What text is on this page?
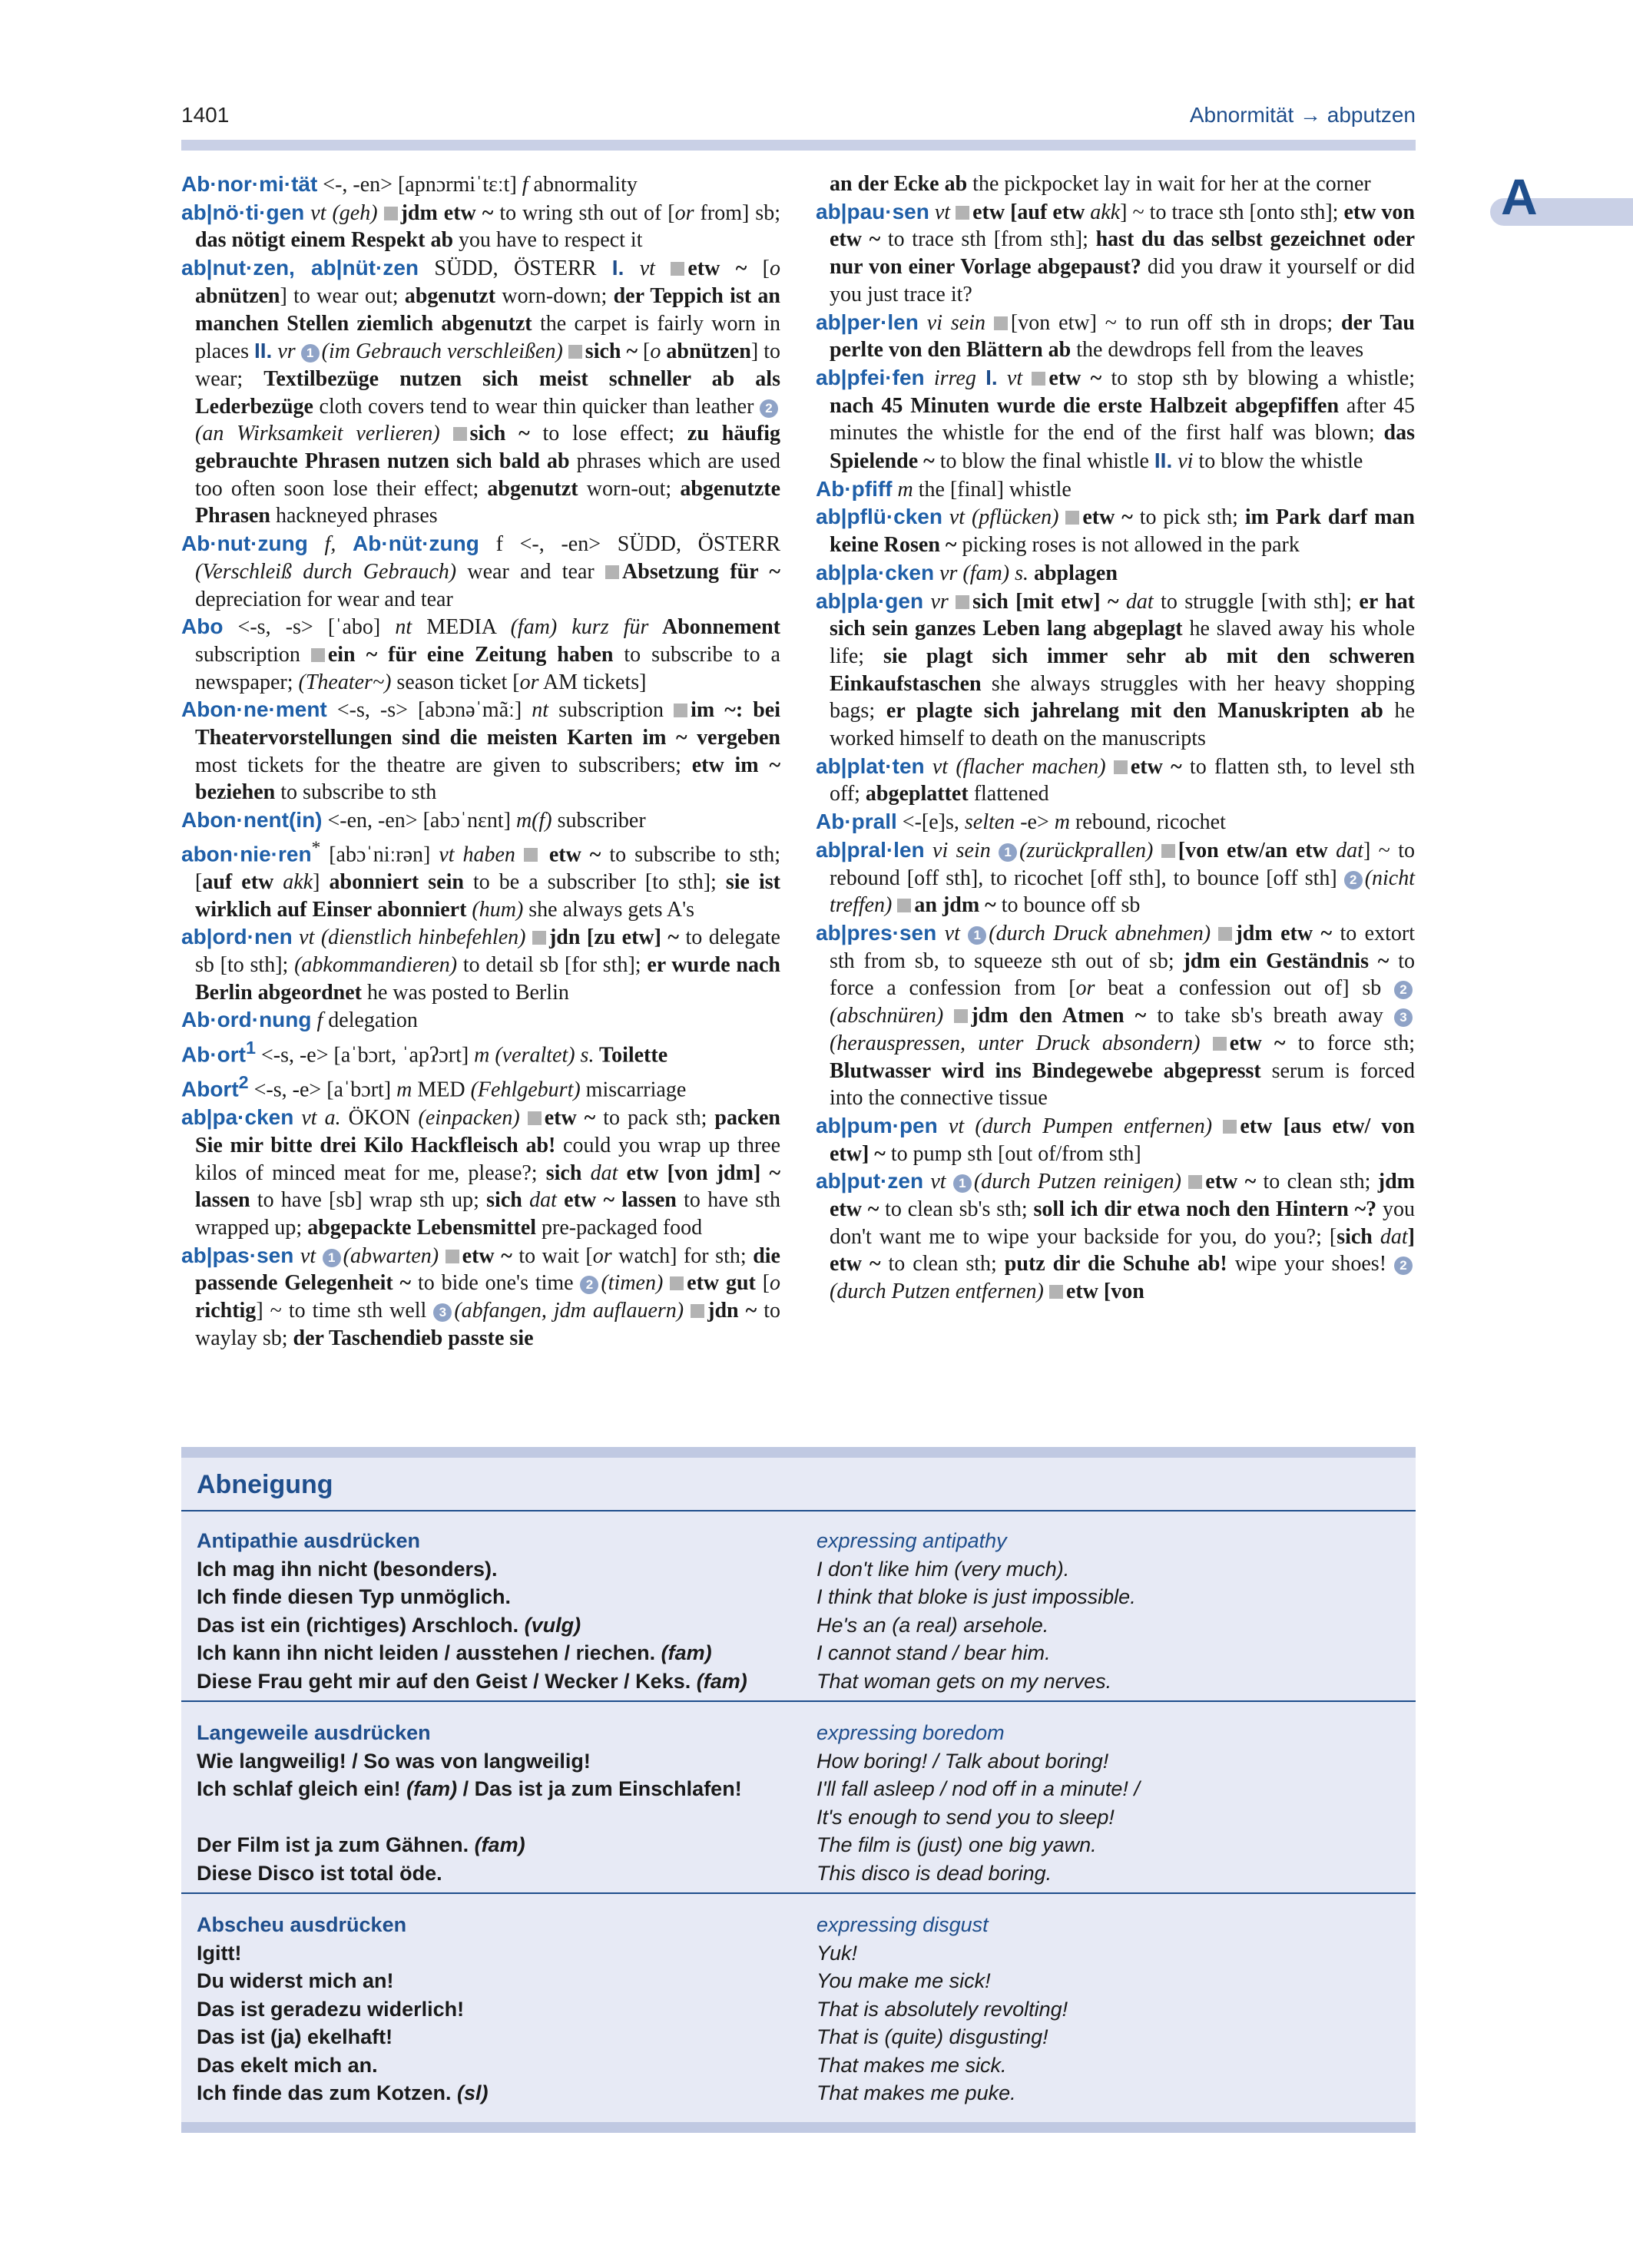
1401	Abnormität → abputzen
A

Ab·nor·mi·tät <-, -en> [apnɔrmiˈtɛːt] f abnormality

ab|nö·ti·gen vt (geh) jdm etw ~ to wring sth out of [or from] sb; das nötigt einem Respekt ab you have to respect it

ab|nut·zen, ab|nüt·zen SÜDD, ÖSTERR I. vt etw ~ [o abnützen] to wear out; abgenutzt worn-down; der Teppich ist an manchen Stellen ziemlich abgenutzt the carpet is fairly worn in places II. vr 1 (im Gebrauch verschleißen) sich ~ [o abnützen] to wear; Textilbezüge nutzen sich meist schneller ab als Lederbezüge cloth covers tend to wear thin quicker than leather 2(an Wirksamkeit verlieren) sich ~ to lose effect; zu häufig gebrauchte Phrasen nutzen sich bald ab phrases which are used too often soon lose their effect; abgenutzt worn-out; abgenutzte Phrasen hackneyed phrases

Ab·nut·zung f, Ab·nüt·zung f <-, -en> SÜDD, ÖSTERR (Verschleiß durch Gebrauch) wear and tear Absetzung für ~ depreciation for wear and tear

Abo <-s, -s> [ˈabo] nt MEDIA (fam) kurz für Abonnement subscription ein ~ für eine Zeitung haben to subscribe to a newspaper; (Theater~) season ticket [or AM tickets]

Abon·ne·ment <-s, -s> [abɔnəˈmãː] nt subscription im ~: bei Theatervorstellungen sind die meisten Karten im ~ vergeben most tickets for the theatre are given to subscribers; etw im ~ beziehen to subscribe to sth

Abon·nent(in) <-en, -en> [abɔˈnɛnt] m(f) subscriber

abon·nie·ren* [abɔˈniːrən] vt haben  etw ~ to subscribe to sth; [auf etw akk] abonniert sein to be a subscriber [to sth]; sie ist wirklich auf Einser abonniert (hum) she always gets A's

ab|ord·nen vt (dienstlich hinbefehlen) jdn [zu etw] ~ to delegate sb [to sth]; (abkommandieren) to detail sb [for sth]; er wurde nach Berlin abgeordnet he was posted to Berlin

Ab·ord·nung f delegation

Ab·ort$^1$ <-s, -e> [aˈbɔrt, ˈapʔɔrt] m (veraltet) s. Toilette

Abort$^2$ <-s, -e> [aˈbɔrt] m MED (Fehlgeburt) miscarriage

ab|pa·cken vt a. ÖKON (einpacken) etw ~ to pack sth; packen Sie mir bitte drei Kilo Hackfleisch ab! could you wrap up three kilos of minced meat for me, please?; sich dat etw [von jdm] ~ lassen to have [sb] wrap sth up; sich dat etw ~ lassen to have sth wrapped up; abgepackte Lebensmittel pre-packaged food

ab|pas·sen vt 1 (abwarten) etw ~ to wait [or watch] for sth; die passende Gelegenheit ~ to bide one's time 2 (timen) etw gut [o richtig] ~ to time sth well 3 (abfangen, jdm auflauern) jdn ~ to waylay sb; der Taschendieb passte sie

an der Ecke ab the pickpocket lay in wait for her at the corner

ab|pau·sen vt etw [auf etw akk] ~ to trace sth [onto sth]; etw von etw ~ to trace sth [from sth]; hast du das selbst gezeichnet oder nur von einer Vorlage abgepaust? did you draw it yourself or did you just trace it?

ab|per·len vi sein [von etw] ~ to run off sth in drops; der Tau perlte von den Blättern ab the dewdrops fell from the leaves

ab|pfei·fen irreg I. vt etw ~ to stop sth by blowing a whistle; nach 45 Minuten wurde die erste Halbzeit abgepfiffen after 45 minutes the whistle for the end of the first half was blown; das Spielende ~ to blow the final whistle II. vi to blow the whistle

Ab·pfiff m the [final] whistle

ab|pflü·cken vt (pflücken) etw ~ to pick sth; im Park darf man keine Rosen ~ picking roses is not allowed in the park

ab|pla·cken vr (fam) s. abplagen

ab|pla·gen vr sich [mit etw] ~ dat to struggle [with sth]; er hat sich sein ganzes Leben lang abgeplagt he slaved away his whole life; sie plagt sich immer sehr ab mit den schweren Einkaufstaschen she always struggles with her heavy shopping bags; er plagte sich jahrelang mit den Manuskripten ab he worked himself to death on the manuscripts

ab|plat·ten vt (flacher machen) etw ~ to flatten sth, to level sth off; abgeplattet flattened

Ab·prall <-[e]s, selten -e> m rebound, ricochet

ab|pral·len vi sein 1 (zurückprallen) [von etw/an etw dat] ~ to rebound [off sth], to ricochet [off sth], to bounce [off sth] 2 (nicht treffen) an jdm ~ to bounce off sb

ab|pres·sen vt 1 (durch Druck abnehmen) jdm etw ~ to extort sth from sb, to squeeze sth out of sb; jdm ein Geständnis ~ to force a confession from [or beat a confession out of] sb 2(abschnüren) jdm den Atmen ~ to take sb's breath away 3(herauspressen, unter Druck absondern) etw ~ to force sth; Blutwasser wird ins Bindegewebe abgepresst serum is forced into the connective tissue

ab|pum·pen vt (durch Pumpen entfernen) etw [aus etw/ von etw] ~ to pump sth [out of/from sth]

ab|put·zen vt 1 (durch Putzen reinigen) etw ~ to clean sth; jdm etw ~ to clean sb's sth; soll ich dir etwa noch den Hintern ~? you don't want me to wipe your backside for you, do you?; [sich dat] etw ~ to clean sth; putz dir die Schuhe ab! wipe your shoes! 2(durch Putzen entfernen) etw [von

Abneigung
Antipathie ausdrücken	expressing antipathy
Ich mag ihn nicht (besonders).	I don't like him (very much).
Ich finde diesen Typ unmöglich.	I think that bloke is just impossible.
Das ist ein (richtiges) Arschloch. (vulg)	He's an (a real) arsehole.
Ich kann ihn nicht leiden / ausstehen / riechen. (fam)	I cannot stand / bear him.
Diese Frau geht mir auf den Geist / Wecker / Keks. (fam)	That woman gets on my nerves.
Langeweile ausdrücken	expressing boredom
Wie langweilig! / So was von langweilig!	How boring! / Talk about boring!
Ich schlaf gleich ein! (fam) / Das ist ja zum Einschlafen!	I'll fall asleep / nod off in a minute! /
It's enough to send you to sleep!
Der Film ist ja zum Gähnen. (fam)	The film is (just) one big yawn.
Diese Disco ist total öde.	This disco is dead boring.
Abscheu ausdrücken	expressing disgust
Igitt!	Yuk!
Du widerst mich an!	You make me sick!
Das ist geradezu widerlich!	That is absolutely revolting!
Das ist (ja) ekelhaft!	That is (quite) disgusting!
Das ekelt mich an.	That makes me sick.
Ich finde das zum Kotzen. (sl)	That makes me puke.
